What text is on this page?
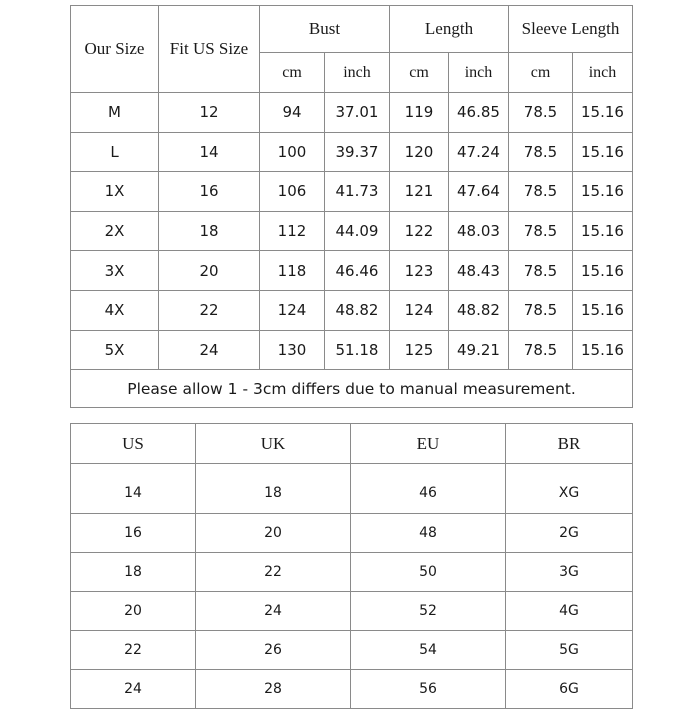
Our Size	Fit US Size	Bust		Length		Sleeve Length	
		cm	inch	cm	inch	cm	inch
M	12	94	37.01	119	46.85	78.5	15.16
L	14	100	39.37	120	47.24	78.5	15.16
1X	16	106	41.73	121	47.64	78.5	15.16
2X	18	112	44.09	122	48.03	78.5	15.16
3X	20	118	46.46	123	48.43	78.5	15.16
4X	22	124	48.82	124	48.82	78.5	15.16
5X	24	130	51.18	125	49.21	78.5	15.16
Please allow 1 - 3cm differs due to manual measurement.							
US	UK	EU	BR

14	18	46	XG
16	20	48	2G
18	22	50	3G
20	24	52	4G
22	26	54	5G
24	28	56	6G
